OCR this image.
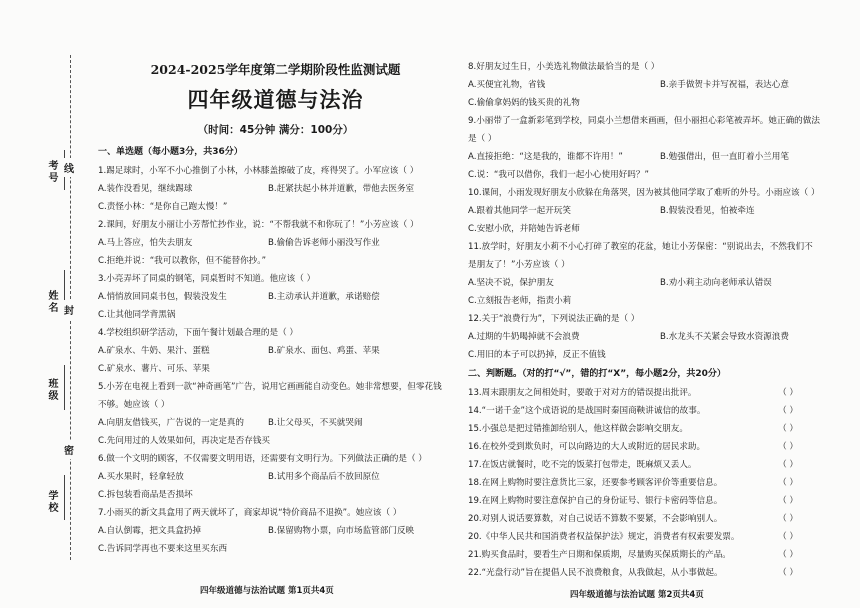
考号
姓名
班级
学校
线
封
密
2024-2025学年度第二学期阶段性监测试题
四年级道德与法治
（时间：45分钟 满分：100分）
一、单选题（每小题3分，共36分）
1.踢足球时，小军不小心推倒了小林，小林膝盖擦破了皮，疼得哭了。小军应该（ ）
A.装作没看见，继续踢球	B.赶紧扶起小林并道歉，带他去医务室
C.责怪小林：“是你自己跑太慢！”
2.课间，好朋友小丽让小芳帮忙抄作业，说：“不帮我就不和你玩了！”小芳应该（ ）
A.马上答应，怕失去朋友	B.偷偷告诉老师小丽没写作业
C.拒绝并说：“我可以教你，但不能替你抄。”
3.小亮弄坏了同桌的钢笔，同桌暂时不知道。他应该（ ）
A.悄悄放回同桌书包，假装没发生	B.主动承认并道歉，承诺赔偿
C.让其他同学背黑锅
4.学校组织研学活动，下面午餐计划最合理的是（ ）
A.矿泉水、牛奶、果汁、蛋糕	B.矿泉水、面包、鸡蛋、苹果
C.矿泉水、薯片、可乐、苹果
5.小芳在电视上看到一款“神奇画笔”广告，说用它画画能自动变色。她非常想要，但零花钱
不够。她应该（ ）
A.向朋友借钱买，广告说的一定是真的	B.让父母买，不买就哭闹
C.先问用过的人效果如何，再决定是否存钱买
6.做一个文明的顾客，不仅需要文明用语，还需要有文明行为。下列做法正确的是（ ）
A.买水果时，轻拿轻放	B.试用多个商品后不放回原位
C.拆包装看商品是否损坏
7.小雨买的新文具盒用了两天就坏了，商家却说“特价商品不退换”。她应该（ ）
A.自认倒霉，把文具盒扔掉	B.保留购物小票，向市场监管部门反映
C.告诉同学再也不要来这里买东西
8.好朋友过生日，小美选礼物做法最恰当的是（ ）
A.买便宜礼物，省钱	B.亲手做贺卡并写祝福，表达心意
C.偷偷拿妈妈的钱买贵的礼物
9.小丽带了一盒新彩笔到学校，同桌小兰想借来画画，但小丽担心彩笔被弄坏。她正确的做法
是（ ）
A.直接拒绝：“这是我的，谁都不许用！”	B.勉强借出，但一直盯着小兰用笔
C.说：“我可以借你，我们一起小心使用好吗？”
10.课间，小雨发现好朋友小欣躲在角落哭，因为被其他同学取了难听的外号。小雨应该（ ）
A.跟着其他同学一起开玩笑	B.假装没看见，怕被牵连
C.安慰小欣，并陪她告诉老师
11.放学时，好朋友小莉不小心打碎了教室的花盆，她让小芳保密：“别说出去，不然我们不
是朋友了！”小芳应该（ ）
A.坚决不说，保护朋友	B.劝小莉主动向老师承认错误
C.立刻报告老师，指责小莉
12.关于“浪费行为”，下列说法正确的是（ ）
A.过期的牛奶喝掉就不会浪费	B.水龙头不关紧会导致水资源浪费
C.用旧的本子可以扔掉，反正不值钱
二、判断题。（对的打“√”，错的打“X”，每小题2分，共20分）
13.周末跟朋友之间相处时，要敢于对对方的错误提出批评。	（ ）
14.“一诺千金”这个成语说的是战国时秦国商鞅讲诚信的故事。	（ ）
15.小强总是把过错推卸给别人，他这样做会影响交朋友。	（ ）
16.在校外受到欺负时，可以向路边的大人或附近的居民求助。	（ ）
17.在饭店就餐时，吃不完的饭菜打包带走，既麻烦又丢人。	（ ）
18.在网上购物时要注意货比三家，还要参考顾客评价等重要信息。	（ ）
19.在网上购物时要注意保护自己的身份证号、银行卡密码等信息。	（ ）
20.对别人说话要算数，对自己说话不算数不要紧，不会影响别人。	（ ）
20.《中华人民共和国消费者权益保护法》规定，消费者有权索要发票。	（ ）
21.购买食品时，要看生产日期和保质期，尽量购买保质期长的产品。	（ ）
22.“光盘行动”旨在提倡人民不浪费粮食，从我做起，从小事做起。	（ ）
四年级道德与法治试题 第1页共4页	四年级道德与法治试题 第2页共4页
